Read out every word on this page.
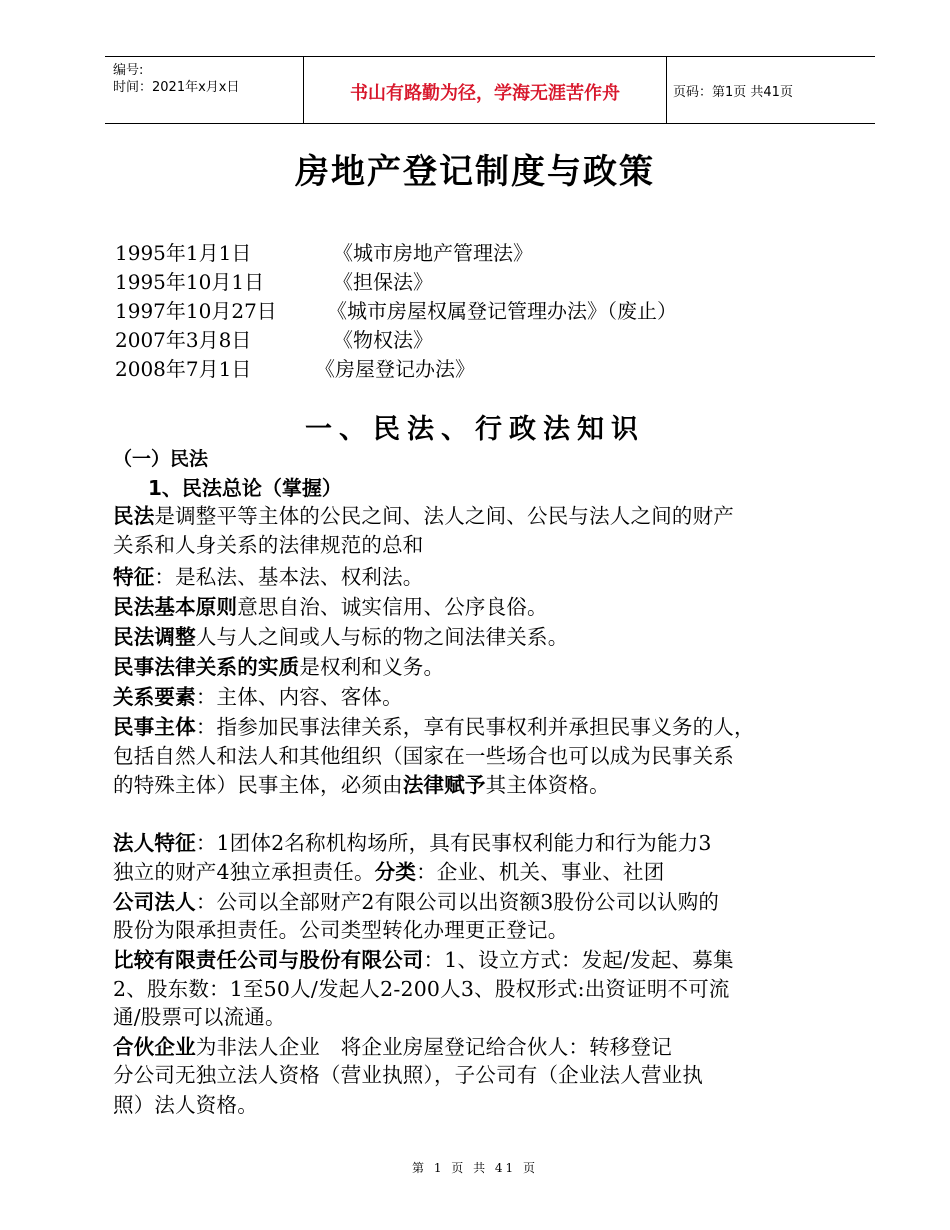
编号:
时间：2021年x月x日	书山有路勤为径，学海无涯苦作舟	页码：第1页 共41页
房地产登记制度与政策
1995年1月1日	《城市房地产管理法》
1995年10月1日	《担保法》
1997年10月27日	《城市房屋权属登记管理办法》（废止）
2007年3月8日	《物权法》
2008年7月1日	《房屋登记办法》
一、民法、行政法知识
（一）民法
1、民法总论（掌握）
民法是调整平等主体的公民之间、法人之间、公民与法人之间的财产
关系和人身关系的法律规范的总和
特征：是私法、基本法、权利法。
民法基本原则意思自治、诚实信用、公序良俗。
民法调整人与人之间或人与标的物之间法律关系。
民事法律关系的实质是权利和义务。
关系要素：主体、内容、客体。
民事主体：指参加民事法律关系，享有民事权利并承担民事义务的人，
包括自然人和法人和其他组织（国家在一些场合也可以成为民事关系
的特殊主体）民事主体，必须由法律赋予其主体资格。
法人特征：1团体2名称机构场所，具有民事权利能力和行为能力3
独立的财产4独立承担责任。分类：企业、机关、事业、社团
公司法人：公司以全部财产2有限公司以出资额3股份公司以认购的
股份为限承担责任。公司类型转化办理更正登记。
比较有限责任公司与股份有限公司：1、设立方式：发起/发起、募集
2、股东数：1至50人/发起人2-200人3、股权形式:出资证明不可流
通/股票可以流通。
合伙企业为非法人企业　将企业房屋登记给合伙人：转移登记
分公司无独立法人资格（营业执照），子公司有（企业法人营业执
照）法人资格。
第 1 页 共 41 页
